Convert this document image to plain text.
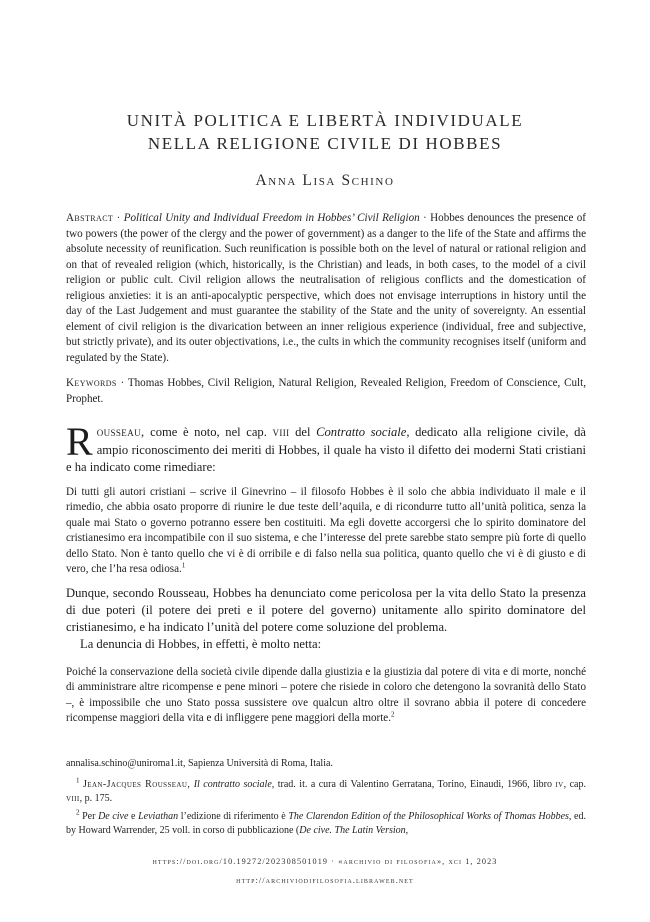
UNITÀ POLITICA E LIBERTÀ INDIVIDUALE
NELLA RELIGIONE CIVILE DI HOBBES
Anna Lisa Schino
Abstract · Political Unity and Individual Freedom in Hobbes’ Civil Religion · Hobbes denounces the presence of two powers (the power of the clergy and the power of government) as a danger to the life of the State and affirms the absolute necessity of reunification. Such reunification is possible both on the level of natural or rational religion and on that of revealed religion (which, historically, is the Christian) and leads, in both cases, to the model of a civil religion or public cult. Civil religion allows the neutralisation of religious conflicts and the domestication of religious anxieties: it is an anti-apocalyptic perspective, which does not envisage interruptions in history until the day of the Last Judgement and must guarantee the stability of the State and the unity of sovereignty. An essential element of civil religion is the divarication between an inner religious experience (individual, free and subjective, but strictly private), and its outer objectivations, i.e., the cults in which the community recognises itself (uniform and regulated by the State).
Keywords · Thomas Hobbes, Civil Religion, Natural Religion, Revealed Religion, Freedom of Conscience, Cult, Prophet.
Rousseau, come è noto, nel cap. viii del Contratto sociale, dedicato alla religione civile, dà ampio riconoscimento dei meriti di Hobbes, il quale ha visto il difetto dei moderni Stati cristiani e ha indicato come rimediare:
Di tutti gli autori cristiani – scrive il Ginevrino – il filosofo Hobbes è il solo che abbia individuato il male e il rimedio, che abbia osato proporre di riunire le due teste dell’aquila, e di ricondurre tutto all’unità politica, senza la quale mai Stato o governo potranno essere ben costituiti. Ma egli dovette accorgersi che lo spirito dominatore del cristianesimo era incompatibile con il suo sistema, e che l’interesse del prete sarebbe stato sempre più forte di quello dello Stato. Non è tanto quello che vi è di orribile e di falso nella sua politica, quanto quello che vi è di giusto e di vero, che l’ha resa odiosa.$^1$

Dunque, secondo Rousseau, Hobbes ha denunciato come pericolosa per la vita dello Stato la presenza di due poteri (il potere dei preti e il potere del governo) unitamente allo spirito dominatore del cristianesimo, e ha indicato l’unità del potere come soluzione del problema.

La denuncia di Hobbes, in effetti, è molto netta:

Poiché la conservazione della società civile dipende dalla giustizia e la giustizia dal potere di vita e di morte, nonché di amministrare altre ricompense e pene minori – potere che risiede in coloro che detengono la sovranità dello Stato –, è impossibile che uno Stato possa sussistere ove qualcun altro oltre il sovrano abbia il potere di concedere ricompense maggiori della vita e di infliggere pene maggiori della morte.$^2$
annalisa.schino@uniroma1.it, Sapienza Università di Roma, Italia.

$^1$ Jean-Jacques Rousseau, Il contratto sociale, trad. it. a cura di Valentino Gerratana, Torino, Einaudi, 1966, libro iv, cap. viii, p. 175.

$^2$ Per De cive e Leviathan l’edizione di riferimento è The Clarendon Edition of the Philosophical Works of Thomas Hobbes, ed. by Howard Warrender, 25 voll. in corso di pubblicazione (De cive. The Latin Version,

https://doi.org/10.19272/202308501019 · «archivio di filosofia», xci 1, 2023
http://archiviodifilosofia.libraweb.net
